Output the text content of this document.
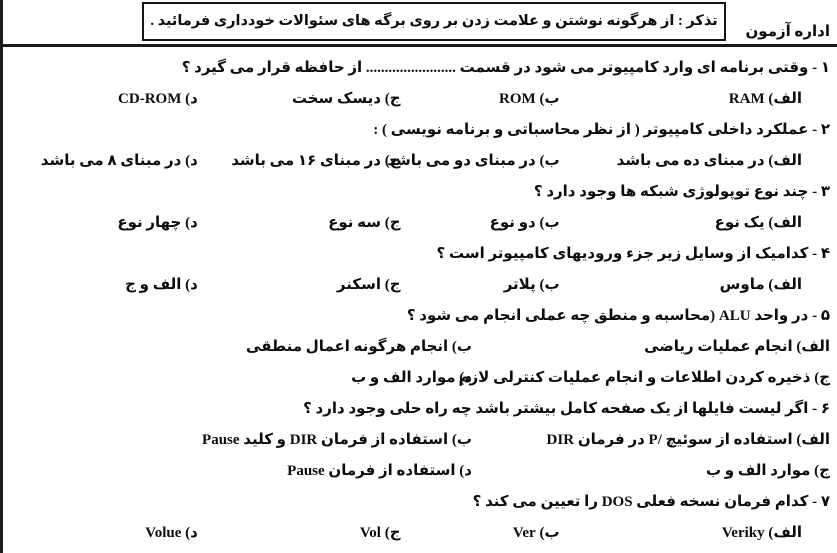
تذکر : از هرگونه نوشتن و علامت زدن بر روی برگه های سئوالات خودداری فرمائید .
اداره آزمون
۱ - وقتی برنامه ای وارد کامپیوتر می شود در قسمت ........................ از حافظه قرار می گیرد ؟
الف) RAM
ب) ROM
ج) دیسک سخت
د) CD-ROM
۲ - عملکرد داخلی کامپیوتر ( از نظر محاسباتی و برنامه نویسی ) :
الف) در مبنای ده می باشد
ب) در مبنای دو می باشد
ج) در مبنای ۱۶ می باشد
د) در مبنای ۸ می باشد
۳ - چند نوع توپولوژی شبکه ها وجود دارد ؟
الف) یک نوع
ب) دو نوع
ج) سه نوع
د) چهار نوع
۴ - کدامیک از وسایل زیر جزء ورودیهای کامپیوتر است ؟
الف) ماوس
ب) پلاتر
ج) اسکنر
د) الف و ج
۵ - در واحد ALU (محاسبه و منطق چه عملی انجام می شود ؟
الف) انجام عملیات ریاضی
ب) انجام هرگونه اعمال منطقی
ج) ذخیره کردن اطلاعات و انجام عملیات کنترلی لازم
د) موارد الف و ب
۶ - اگر لیست فایلها از یک صفحه کامل بیشتر باشد چه راه حلی وجود دارد ؟
الف) استفاده از سوئیچ /P در فرمان DIR
ب) استفاده از فرمان DIR و کلید Pause
ج) موارد الف و ب
د) استفاده از فرمان Pause
۷ - کدام فرمان نسخه فعلی DOS را تعیین می کند ؟
الف) Veriky
ب) Ver
ج) Vol
د) Volue
